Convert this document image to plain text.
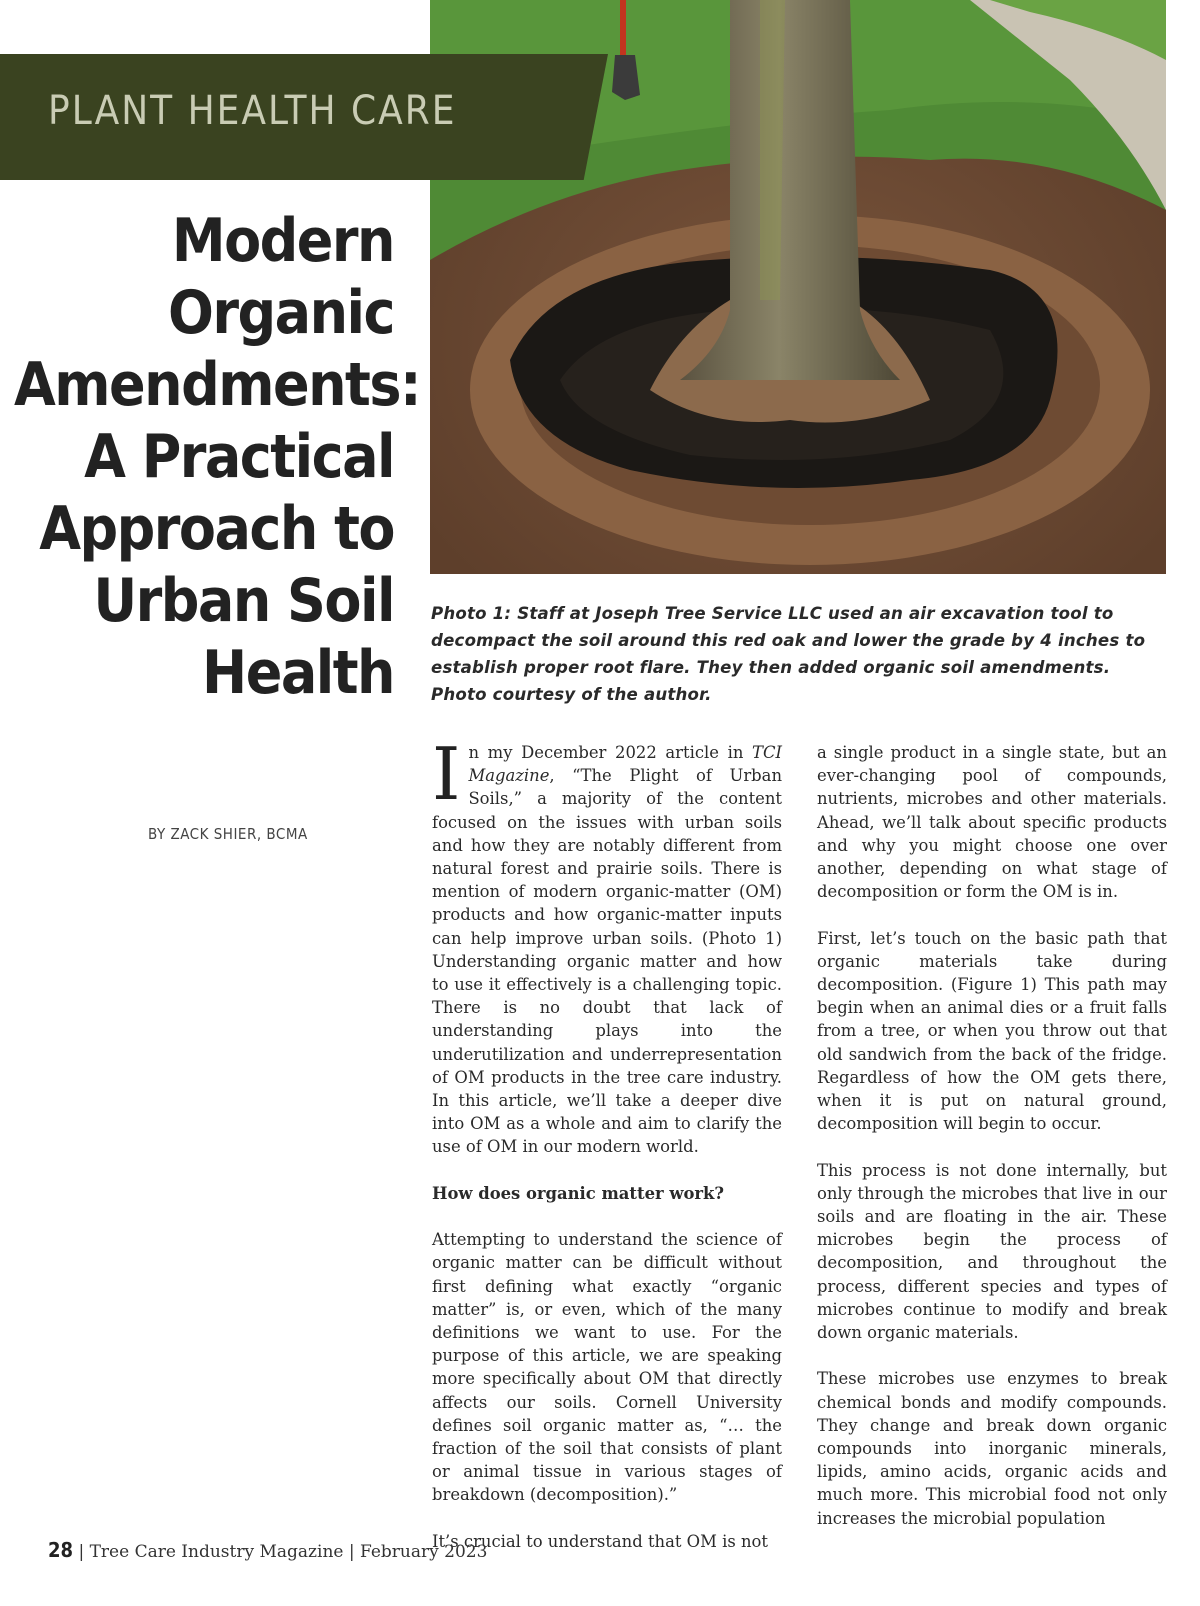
PLANT HEALTH CARE
Modern
Organic
Amendments:
A Practical
Approach to
Urban Soil
Health
BY ZACK SHIER, BCMA

Photo 1: Staff at Joseph Tree Service LLC used an air excavation tool to decompact the soil around this red oak and lower the grade by 4 inches to establish proper root flare. They then added organic soil amendments. Photo courtesy of the author.

In my December 2022 article in TCI Magazine, “The Plight of Urban Soils,” a majority of the content focused on the issues with urban soils and how they are notably different from natural forest and prairie soils. There is mention of modern organic-matter (OM) products and how organic-matter inputs can help improve urban soils. (Photo 1) Understanding organic matter and how to use it effectively is a challenging topic. There is no doubt that lack of understanding plays into the underutilization and underrepresentation of OM products in the tree care industry. In this article, we’ll take a deeper dive into OM as a whole and aim to clarify the use of OM in our modern world.

How does organic matter work?

Attempting to understand the science of organic matter can be difficult without first defining what exactly “organic matter” is, or even, which of the many definitions we want to use. For the purpose of this article, we are speaking more specifically about OM that directly affects our soils. Cornell University defines soil organic matter as, “… the fraction of the soil that consists of plant or animal tissue in various stages of breakdown (decomposition).”

It’s crucial to understand that OM is not

a single product in a single state, but an ever-changing pool of compounds, nutrients, microbes and other materials. Ahead, we’ll talk about specific products and why you might choose one over another, depending on what stage of decomposition or form the OM is in.

First, let’s touch on the basic path that organic materials take during decomposition. (Figure 1) This path may begin when an animal dies or a fruit falls from a tree, or when you throw out that old sandwich from the back of the fridge. Regardless of how the OM gets there, when it is put on natural ground, decomposition will begin to occur.

This process is not done internally, but only through the microbes that live in our soils and are floating in the air. These microbes begin the process of decomposition, and throughout the process, different species and types of microbes continue to modify and break down organic materials.

These microbes use enzymes to break chemical bonds and modify compounds. They change and break down organic compounds into inorganic minerals, lipids, amino acids, organic acids and much more. This microbial food not only increases the microbial population

28 | Tree Care Industry Magazine | February 2023
